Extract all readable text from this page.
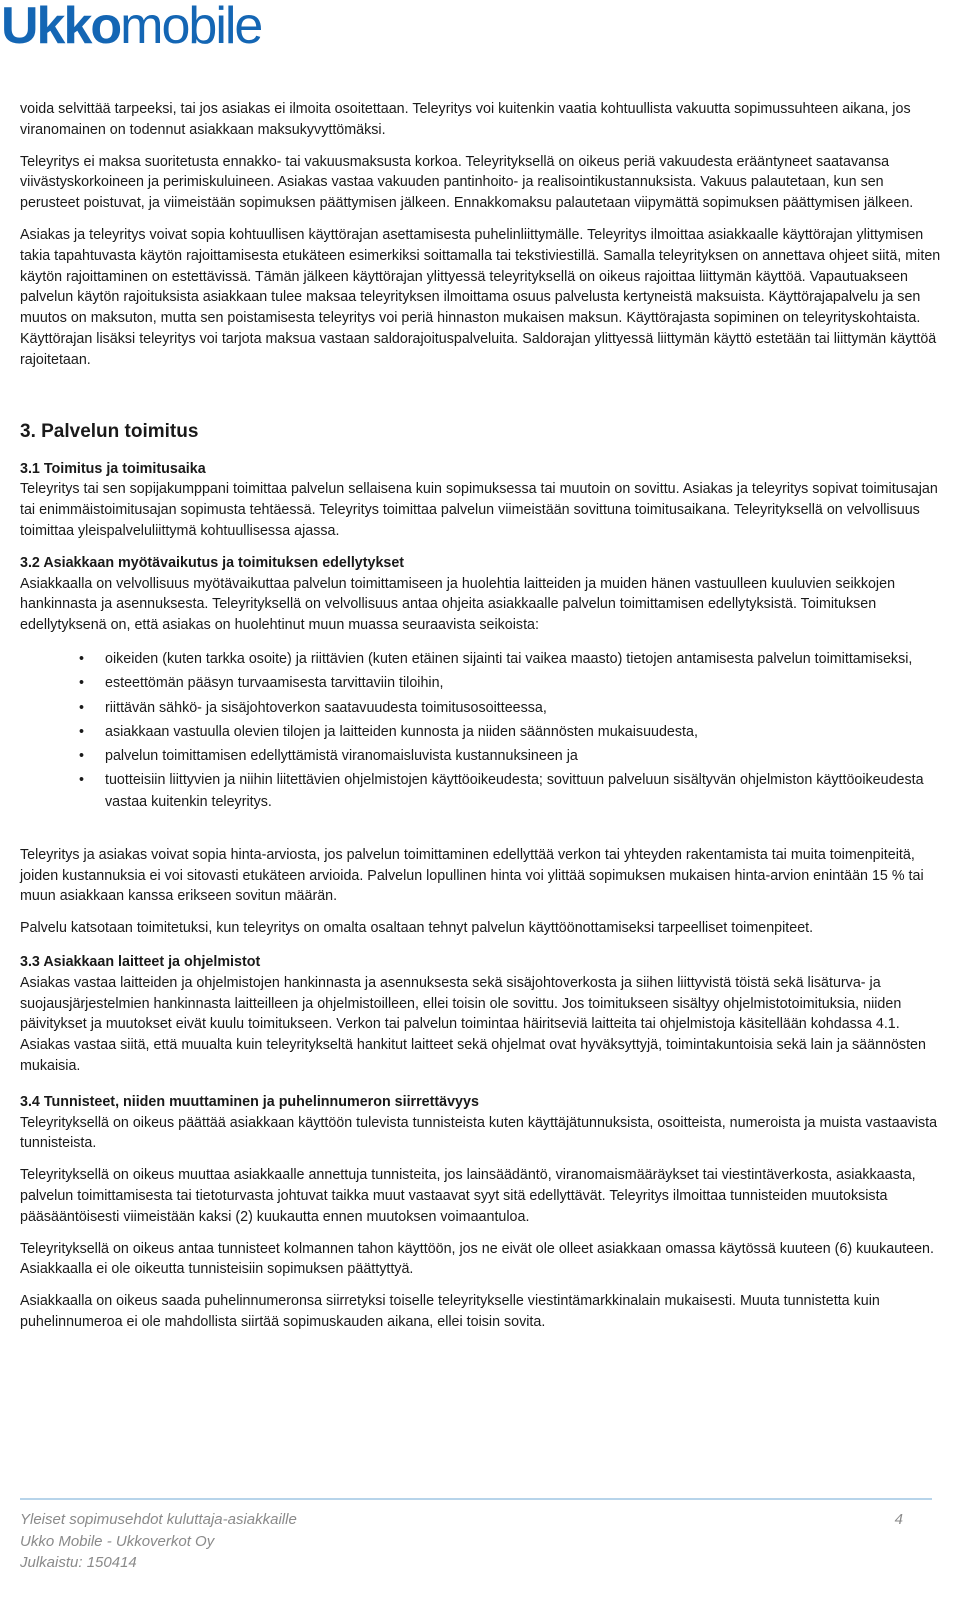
Ukkomobile

voida selvittää tarpeeksi, tai jos asiakas ei ilmoita osoitettaan. Teleyritys voi kuitenkin vaatia kohtuullista vakuutta sopimussuhteen aikana, jos viranomainen on todennut asiakkaan maksukyvyttömäksi.

Teleyritys ei maksa suoritetusta ennakko- tai vakuusmaksusta korkoa. Teleyrityksellä on oikeus periä vakuudesta erääntyneet saatavansa viivästyskorkoineen ja perimiskuluineen. Asiakas vastaa vakuuden pantinhoito- ja realisointikustannuksista. Vakuus palautetaan, kun sen perusteet poistuvat, ja viimeistään sopimuksen päättymisen jälkeen. Ennakkomaksu palautetaan viipymättä sopimuksen päättymisen jälkeen.

Asiakas ja teleyritys voivat sopia kohtuullisen käyttörajan asettamisesta puhelinliittymälle. Teleyritys ilmoittaa asiakkaalle käyttörajan ylittymisen takia tapahtuvasta käytön rajoittamisesta etukäteen esimerkiksi soittamalla tai tekstiviestillä. Samalla teleyrityksen on annettava ohjeet siitä, miten käytön rajoittaminen on estettävissä. Tämän jälkeen käyttörajan ylittyessä teleyrityksellä on oikeus rajoittaa liittymän käyttöä. Vapautuakseen palvelun käytön rajoituksista asiakkaan tulee maksaa teleyrityksen ilmoittama osuus palvelusta kertyneistä maksuista. Käyttörajapalvelu ja sen muutos on maksuton, mutta sen poistamisesta teleyritys voi periä hinnaston mukaisen maksun. Käyttörajasta sopiminen on teleyrityskohtaista. Käyttörajan lisäksi teleyritys voi tarjota maksua vastaan saldorajoituspalveluita. Saldorajan ylittyessä liittymän käyttö estetään tai liittymän käyttöä rajoitetaan.

3. Palvelun toimitus
3.1 Toimitus ja toimitusaika

Teleyritys tai sen sopijakumppani toimittaa palvelun sellaisena kuin sopimuksessa tai muutoin on sovittu. Asiakas ja teleyritys sopivat toimitusajan tai enimmäistoimitusajan sopimusta tehtäessä. Teleyritys toimittaa palvelun viimeistään sovittuna toimitusaikana. Teleyrityksellä on velvollisuus toimittaa yleispalveluliittymä kohtuullisessa ajassa.

3.2 Asiakkaan myötävaikutus ja toimituksen edellytykset

Asiakkaalla on velvollisuus myötävaikuttaa palvelun toimittamiseen ja huolehtia laitteiden ja muiden hänen vastuulleen kuuluvien seikkojen hankinnasta ja asennuksesta. Teleyrityksellä on velvollisuus antaa ohjeita asiakkaalle palvelun toimittamisen edellytyksistä. Toimituksen edellytyksenä on, että asiakas on huolehtinut muun muassa seuraavista seikoista:

• oikeiden (kuten tarkka osoite) ja riittävien (kuten etäinen sijainti tai vaikea maasto) tietojen antamisesta palvelun toimittamiseksi,
• esteettömän pääsyn turvaamisesta tarvittaviin tiloihin,
• riittävän sähkö- ja sisäjohtoverkon saatavuudesta toimitusosoitteessa,
• asiakkaan vastuulla olevien tilojen ja laitteiden kunnosta ja niiden säännösten mukaisuudesta,
• palvelun toimittamisen edellyttämistä viranomaisluvista kustannuksineen ja
• tuotteisiin liittyvien ja niihin liitettävien ohjelmistojen käyttöoikeudesta; sovittuun palveluun sisältyvän ohjelmiston käyttöoikeudesta vastaa kuitenkin teleyritys.

Teleyritys ja asiakas voivat sopia hinta-arviosta, jos palvelun toimittaminen edellyttää verkon tai yhteyden rakentamista tai muita toimenpiteitä, joiden kustannuksia ei voi sitovasti etukäteen arvioida. Palvelun lopullinen hinta voi ylittää sopimuksen mukaisen hinta-arvion enintään 15 % tai muun asiakkaan kanssa erikseen sovitun määrän.

Palvelu katsotaan toimitetuksi, kun teleyritys on omalta osaltaan tehnyt palvelun käyttöönottamiseksi tarpeelliset toimenpiteet.

3.3 Asiakkaan laitteet ja ohjelmistot

Asiakas vastaa laitteiden ja ohjelmistojen hankinnasta ja asennuksesta sekä sisäjohtoverkosta ja siihen liittyvistä töistä sekä lisäturva- ja suojausjärjestelmien hankinnasta laitteilleen ja ohjelmistoilleen, ellei toisin ole sovittu. Jos toimitukseen sisältyy ohjelmistotoimituksia, niiden päivitykset ja muutokset eivät kuulu toimitukseen. Verkon tai palvelun toimintaa häiritseviä laitteita tai ohjelmistoja käsitellään kohdassa 4.1. Asiakas vastaa siitä, että muualta kuin teleyritykseltä hankitut laitteet sekä ohjelmat ovat hyväksyttyjä, toimintakuntoisia sekä lain ja säännösten mukaisia.

3.4 Tunnisteet, niiden muuttaminen ja puhelinnumeron siirrettävyys

Teleyrityksellä on oikeus päättää asiakkaan käyttöön tulevista tunnisteista kuten käyttäjätunnuksista, osoitteista, numeroista ja muista vastaavista tunnisteista.

Teleyrityksellä on oikeus muuttaa asiakkaalle annettuja tunnisteita, jos lainsäädäntö, viranomaismääräykset tai viestintäverkosta, asiakkaasta, palvelun toimittamisesta tai tietoturvasta johtuvat taikka muut vastaavat syyt sitä edellyttävät. Teleyritys ilmoittaa tunnisteiden muutoksista pääsääntöisesti viimeistään kaksi (2) kuukautta ennen muutoksen voimaantuloa.

Teleyrityksellä on oikeus antaa tunnisteet kolmannen tahon käyttöön, jos ne eivät ole olleet asiakkaan omassa käytössä kuuteen (6) kuukauteen. Asiakkaalla ei ole oikeutta tunnisteisiin sopimuksen päättyttyä.

Asiakkaalla on oikeus saada puhelinnumeronsa siirretyksi toiselle teleyritykselle viestintämarkkinalain mukaisesti. Muuta tunnistetta kuin puhelinnumeroa ei ole mahdollista siirtää sopimuskauden aikana, ellei toisin sovita.

Yleiset sopimusehdot kuluttaja-asiakkaille
Ukko Mobile - Ukkoverkot Oy
Julkaistu: 150414
4
